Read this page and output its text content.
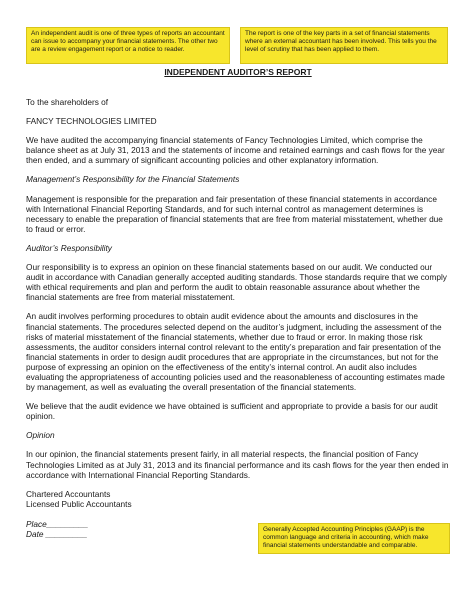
An independent audit is one of three types of reports an accountant can issue to accompany your financial statements. The other two are a review engagement report or a notice to reader.
The report is one of the key parts in a set of financial statements where an external accountant has been involved. This tells you the level of scrutiny that has been applied to them.

INDEPENDENT AUDITOR’S REPORT

To the shareholders of

FANCY TECHNOLOGIES LIMITED

We have audited the accompanying financial statements of Fancy Technologies Limited, which comprise the balance sheet as at July 31, 2013 and the statements of income and retained earnings and cash flows for the year then ended, and a summary of significant accounting policies and other explanatory information.

Management’s Responsibility for the Financial Statements

Management is responsible for the preparation and fair presentation of these financial statements in accordance with International Financial Reporting Standards, and for such internal control as management determines is necessary to enable the preparation of financial statements that are free from material misstatement, whether due to fraud or error.

Auditor’s Responsibility

Our responsibility is to express an opinion on these financial statements based on our audit. We conducted our audit in accordance with Canadian generally accepted auditing standards. Those standards require that we comply with ethical requirements and plan and perform the audit to obtain reasonable assurance about whether the financial statements are free from material misstatement.

An audit involves performing procedures to obtain audit evidence about the amounts and disclosures in the financial statements. The procedures selected depend on the auditor’s judgment, including the assessment of the risks of material misstatement of the financial statements, whether due to fraud or error. In making those risk assessments, the auditor considers internal control relevant to the entity’s preparation and fair presentation of the financial statements in order to design audit procedures that are appropriate in the circumstances, but not for the purpose of expressing an opinion on the effectiveness of the entity’s internal control. An audit also includes evaluating the appropriateness of accounting policies used and the reasonableness of accounting estimates made by management, as well as evaluating the overall presentation of the financial statements.

We believe that the audit evidence we have obtained is sufficient and appropriate to provide a basis for our audit opinion.

Opinion

In our opinion, the financial statements present fairly, in all material respects, the financial position of Fancy Technologies Limited as at July 31, 2013 and its financial performance and its cash flows for the year then ended in accordance with International Financial Reporting Standards.

Chartered Accountants

Licensed Public Accountants

Place_________

Date _________	Generally Accepted Accounting Principles (GAAP) is the common language and criteria in accounting, which make financial statements understandable and comparable.
